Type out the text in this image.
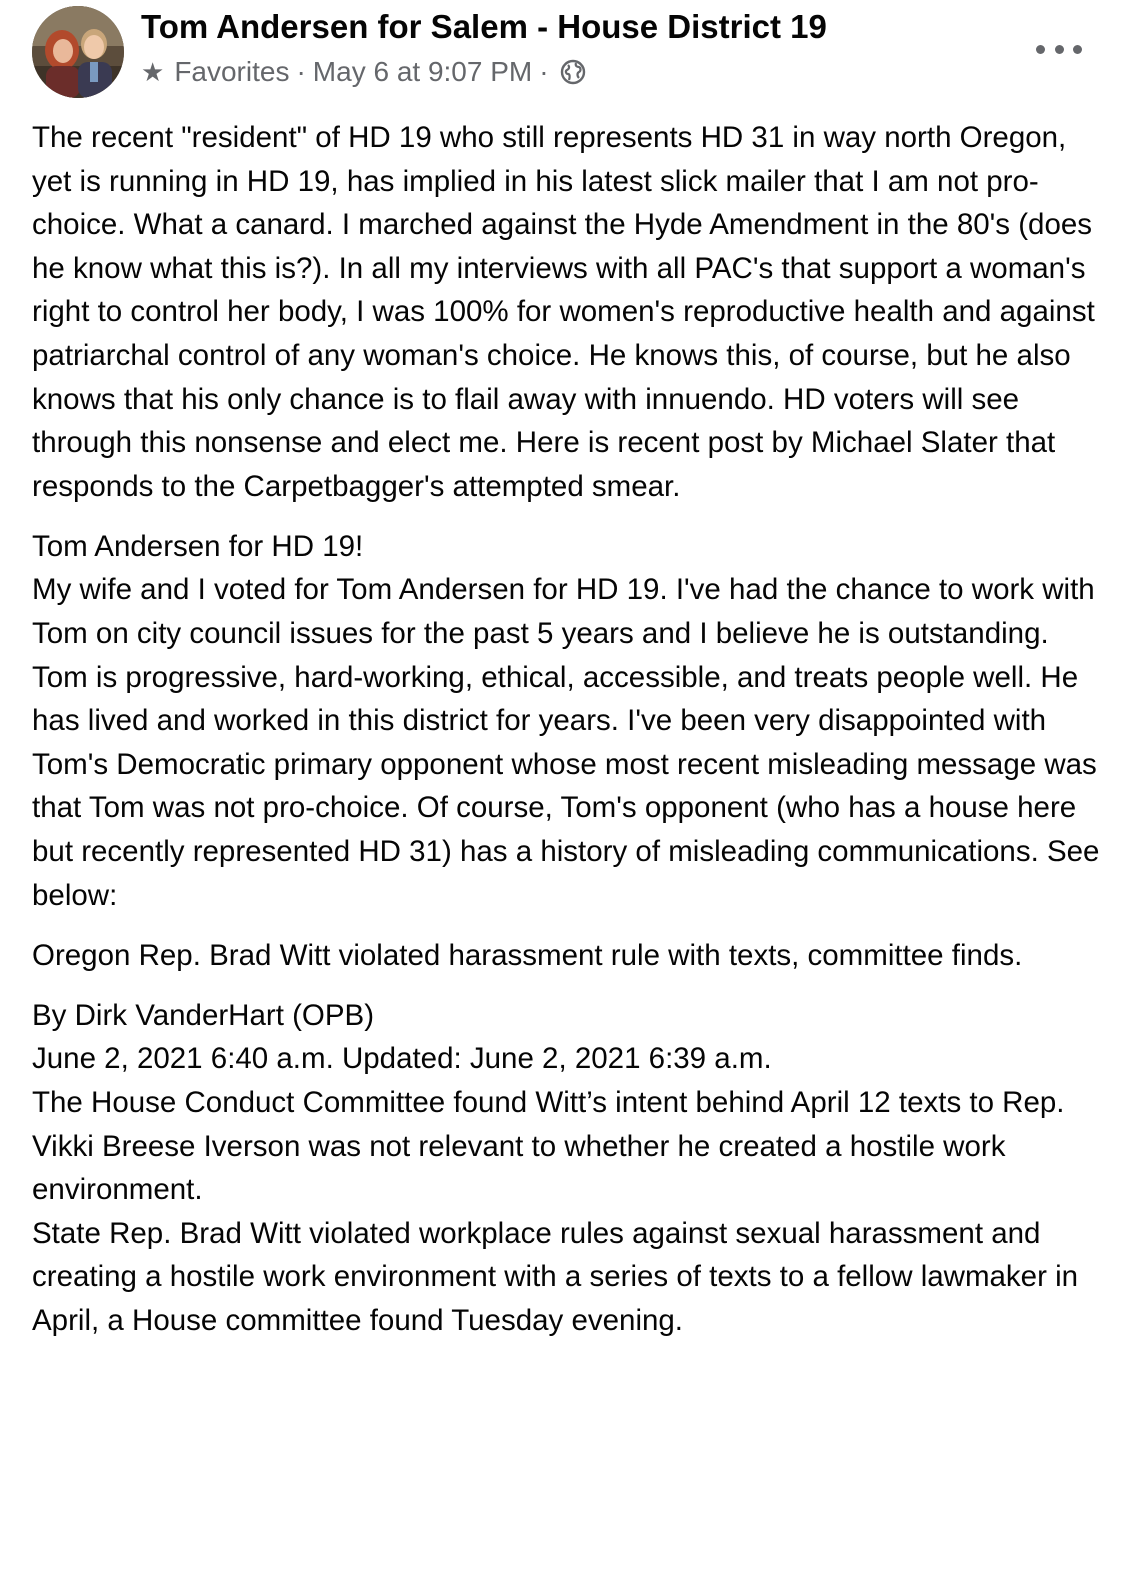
Tom Andersen for Salem - House District 19
★ Favorites · May 6 at 9:07 PM ·

The recent "resident" of HD 19 who still represents HD 31 in way north Oregon, yet is running in HD 19, has implied in his latest slick mailer that I am not pro-choice. What a canard. I marched against the Hyde Amendment in the 80's (does he know what this is?). In all my interviews with all PAC's that support a woman's right to control her body, I was 100% for women's reproductive health and against patriarchal control of any woman's choice. He knows this, of course, but he also knows that his only chance is to flail away with innuendo. HD voters will see through this nonsense and elect me. Here is recent post by Michael Slater that responds to the Carpetbagger's attempted smear.

Tom Andersen for HD 19!

My wife and I voted for Tom Andersen for HD 19. I've had the chance to work with Tom on city council issues for the past 5 years and I believe he is outstanding. Tom is progressive, hard-working, ethical, accessible, and treats people well. He has lived and worked in this district for years. I've been very disappointed with Tom's Democratic primary opponent whose most recent misleading message was that Tom was not pro-choice. Of course, Tom's opponent (who has a house here but recently represented HD 31) has a history of misleading communications. See below:

Oregon Rep. Brad Witt violated harassment rule with texts, committee finds.

By Dirk VanderHart (OPB)

June 2, 2021 6:40 a.m. Updated: June 2, 2021 6:39 a.m.

The House Conduct Committee found Witt’s intent behind April 12 texts to Rep. Vikki Breese Iverson was not relevant to whether he created a hostile work environment.

State Rep. Brad Witt violated workplace rules against sexual harassment and creating a hostile work environment with a series of texts to a fellow lawmaker in April, a House committee found Tuesday evening.
